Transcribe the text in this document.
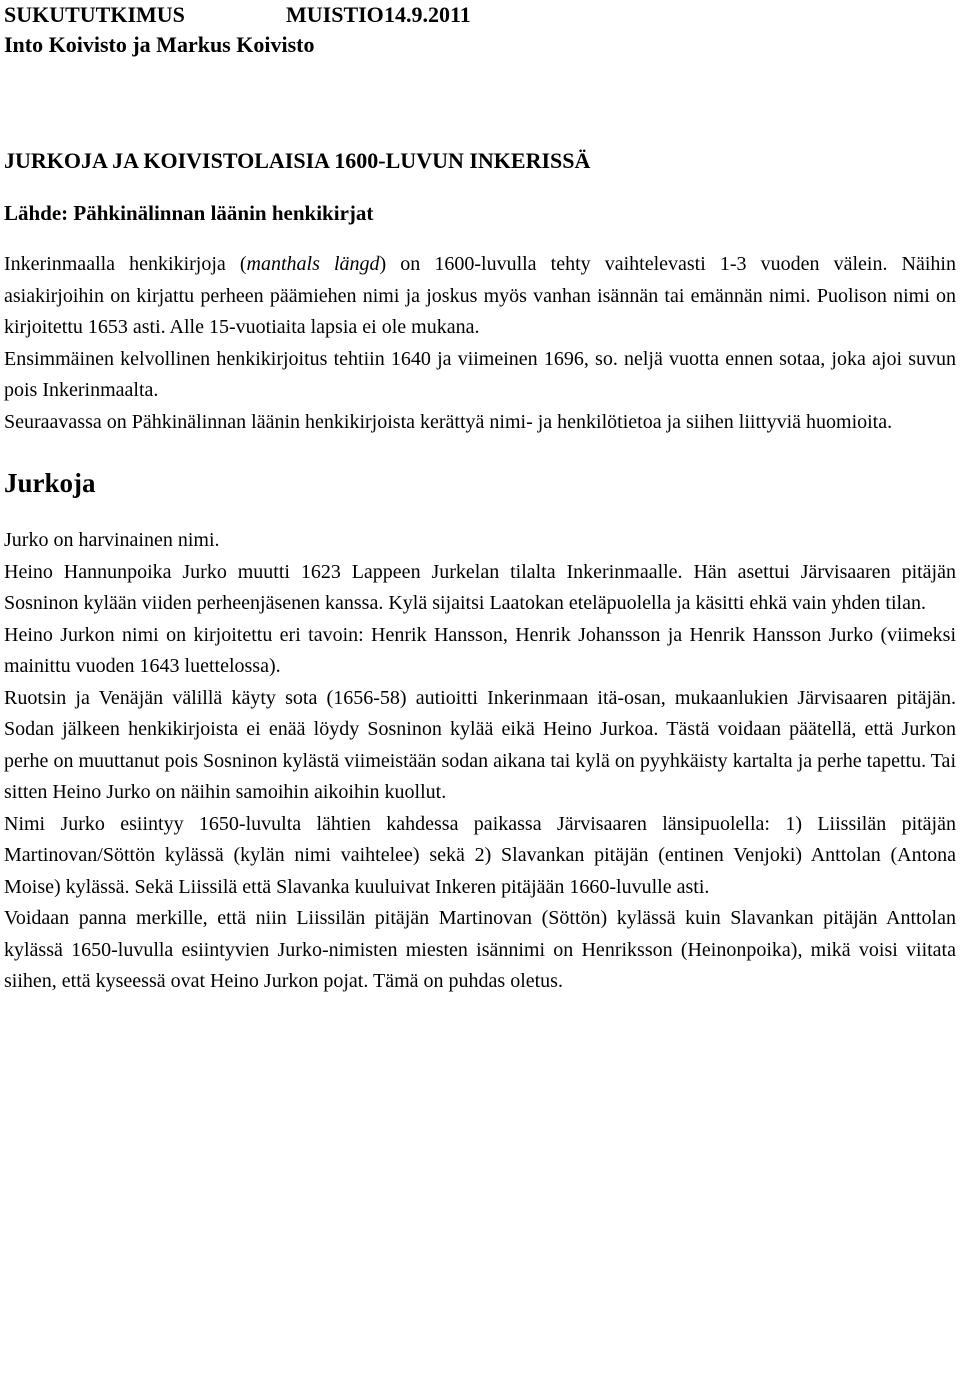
SUKUTUTKIMUS	MUISTIO14.9.2011
Into Koivisto ja Markus Koivisto
JURKOJA JA KOIVISTOLAISIA 1600-LUVUN INKERISSÄ
Lähde: Pähkinälinnan läänin henkikirjat

Inkerinmaalla henkikirjoja (manthals längd) on 1600-luvulla tehty vaihtelevasti 1-3 vuoden välein. Näihin asiakirjoihin on kirjattu perheen päämiehen nimi ja joskus myös vanhan isännän tai emännän nimi. Puolison nimi on kirjoitettu 1653 asti. Alle 15-vuotiaita lapsia ei ole mukana.

Ensimmäinen kelvollinen henkikirjoitus tehtiin 1640 ja viimeinen 1696, so. neljä vuotta ennen sotaa, joka ajoi suvun pois Inkerinmaalta.

Seuraavassa on Pähkinälinnan läänin henkikirjoista kerättyä nimi- ja henkilötietoa ja siihen liittyviä huomioita.

Jurkoja

Jurko on harvinainen nimi.

Heino Hannunpoika Jurko muutti 1623 Lappeen Jurkelan tilalta Inkerinmaalle. Hän asettui Järvisaaren pitäjän Sosninon kylään viiden perheenjäsenen kanssa. Kylä sijaitsi Laatokan eteläpuolella ja käsitti ehkä vain yhden tilan.

Heino Jurkon nimi on kirjoitettu eri tavoin: Henrik Hansson, Henrik Johansson ja Henrik Hansson Jurko (viimeksi mainittu vuoden 1643 luettelossa).

Ruotsin ja Venäjän välillä käyty sota (1656-58) autioitti Inkerinmaan itä-osan, mukaanlukien Järvisaaren pitäjän. Sodan jälkeen henkikirjoista ei enää löydy Sosninon kylää eikä Heino Jurkoa. Tästä voidaan päätellä, että Jurkon perhe on muuttanut pois Sosninon kylästä viimeistään sodan aikana tai kylä on pyyhkäisty kartalta ja perhe tapettu. Tai sitten Heino Jurko on näihin samoihin aikoihin kuollut.

Nimi Jurko esiintyy 1650-luvulta lähtien kahdessa paikassa Järvisaaren länsipuolella: 1) Liissilän pitäjän Martinovan/Söttön kylässä (kylän nimi vaihtelee) sekä 2) Slavankan pitäjän (entinen Venjoki) Anttolan (Antona Moise) kylässä. Sekä Liissilä että Slavanka kuuluivat Inkeren pitäjään 1660-luvulle asti.

Voidaan panna merkille, että niin Liissilän pitäjän Martinovan (Söttön) kylässä kuin Slavankan pitäjän Anttolan kylässä 1650-luvulla esiintyvien Jurko-nimisten miesten isännimi on Henriksson (Heinonpoika), mikä voisi viitata siihen, että kyseessä ovat Heino Jurkon pojat. Tämä on puhdas oletus.
